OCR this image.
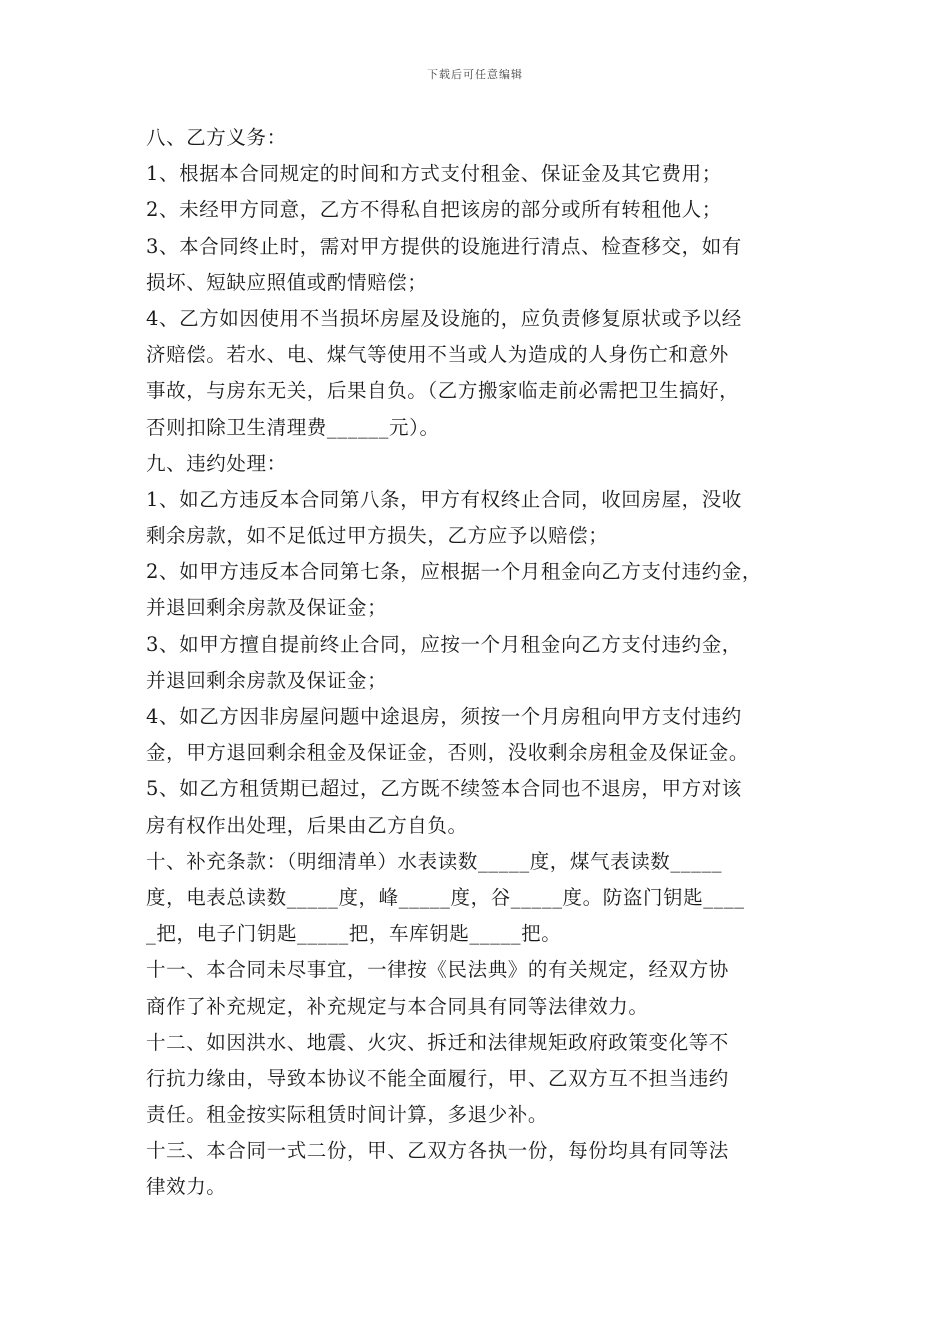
下载后可任意编辑
八、乙方义务：
1、根据本合同规定的时间和方式支付租金、保证金及其它费用；
2、未经甲方同意，乙方不得私自把该房的部分或所有转租他人；
3、本合同终止时，需对甲方提供的设施进行清点、检查移交，如有
损坏、短缺应照值或酌情赔偿；
4、乙方如因使用不当损坏房屋及设施的，应负责修复原状或予以经
济赔偿。若水、电、煤气等使用不当或人为造成的人身伤亡和意外
事故，与房东无关，后果自负。（乙方搬家临走前必需把卫生搞好，
否则扣除卫生清理费______元）。
九、违约处理：
1、如乙方违反本合同第八条，甲方有权终止合同，收回房屋，没收
剩余房款，如不足低过甲方损失，乙方应予以赔偿；
2、如甲方违反本合同第七条，应根据一个月租金向乙方支付违约金，
并退回剩余房款及保证金；
3、如甲方擅自提前终止合同，应按一个月租金向乙方支付违约金，
并退回剩余房款及保证金；
4、如乙方因非房屋问题中途退房，须按一个月房租向甲方支付违约
金，甲方退回剩余租金及保证金，否则，没收剩余房租金及保证金。
5、如乙方租赁期已超过，乙方既不续签本合同也不退房，甲方对该
房有权作出处理，后果由乙方自负。
十、补充条款：（明细清单）水表读数_____度，煤气表读数_____
度，电表总读数_____度，峰_____度，谷_____度。防盗门钥匙____
_把，电子门钥匙_____把，车库钥匙_____把。
十一、本合同未尽事宜，一律按《民法典》的有关规定，经双方协
商作了补充规定，补充规定与本合同具有同等法律效力。
十二、如因洪水、地震、火灾、拆迁和法律规矩政府政策变化等不
行抗力缘由，导致本协议不能全面履行，甲、乙双方互不担当违约
责任。租金按实际租赁时间计算，多退少补。
十三、本合同一式二份，甲、乙双方各执一份，每份均具有同等法
律效力。
